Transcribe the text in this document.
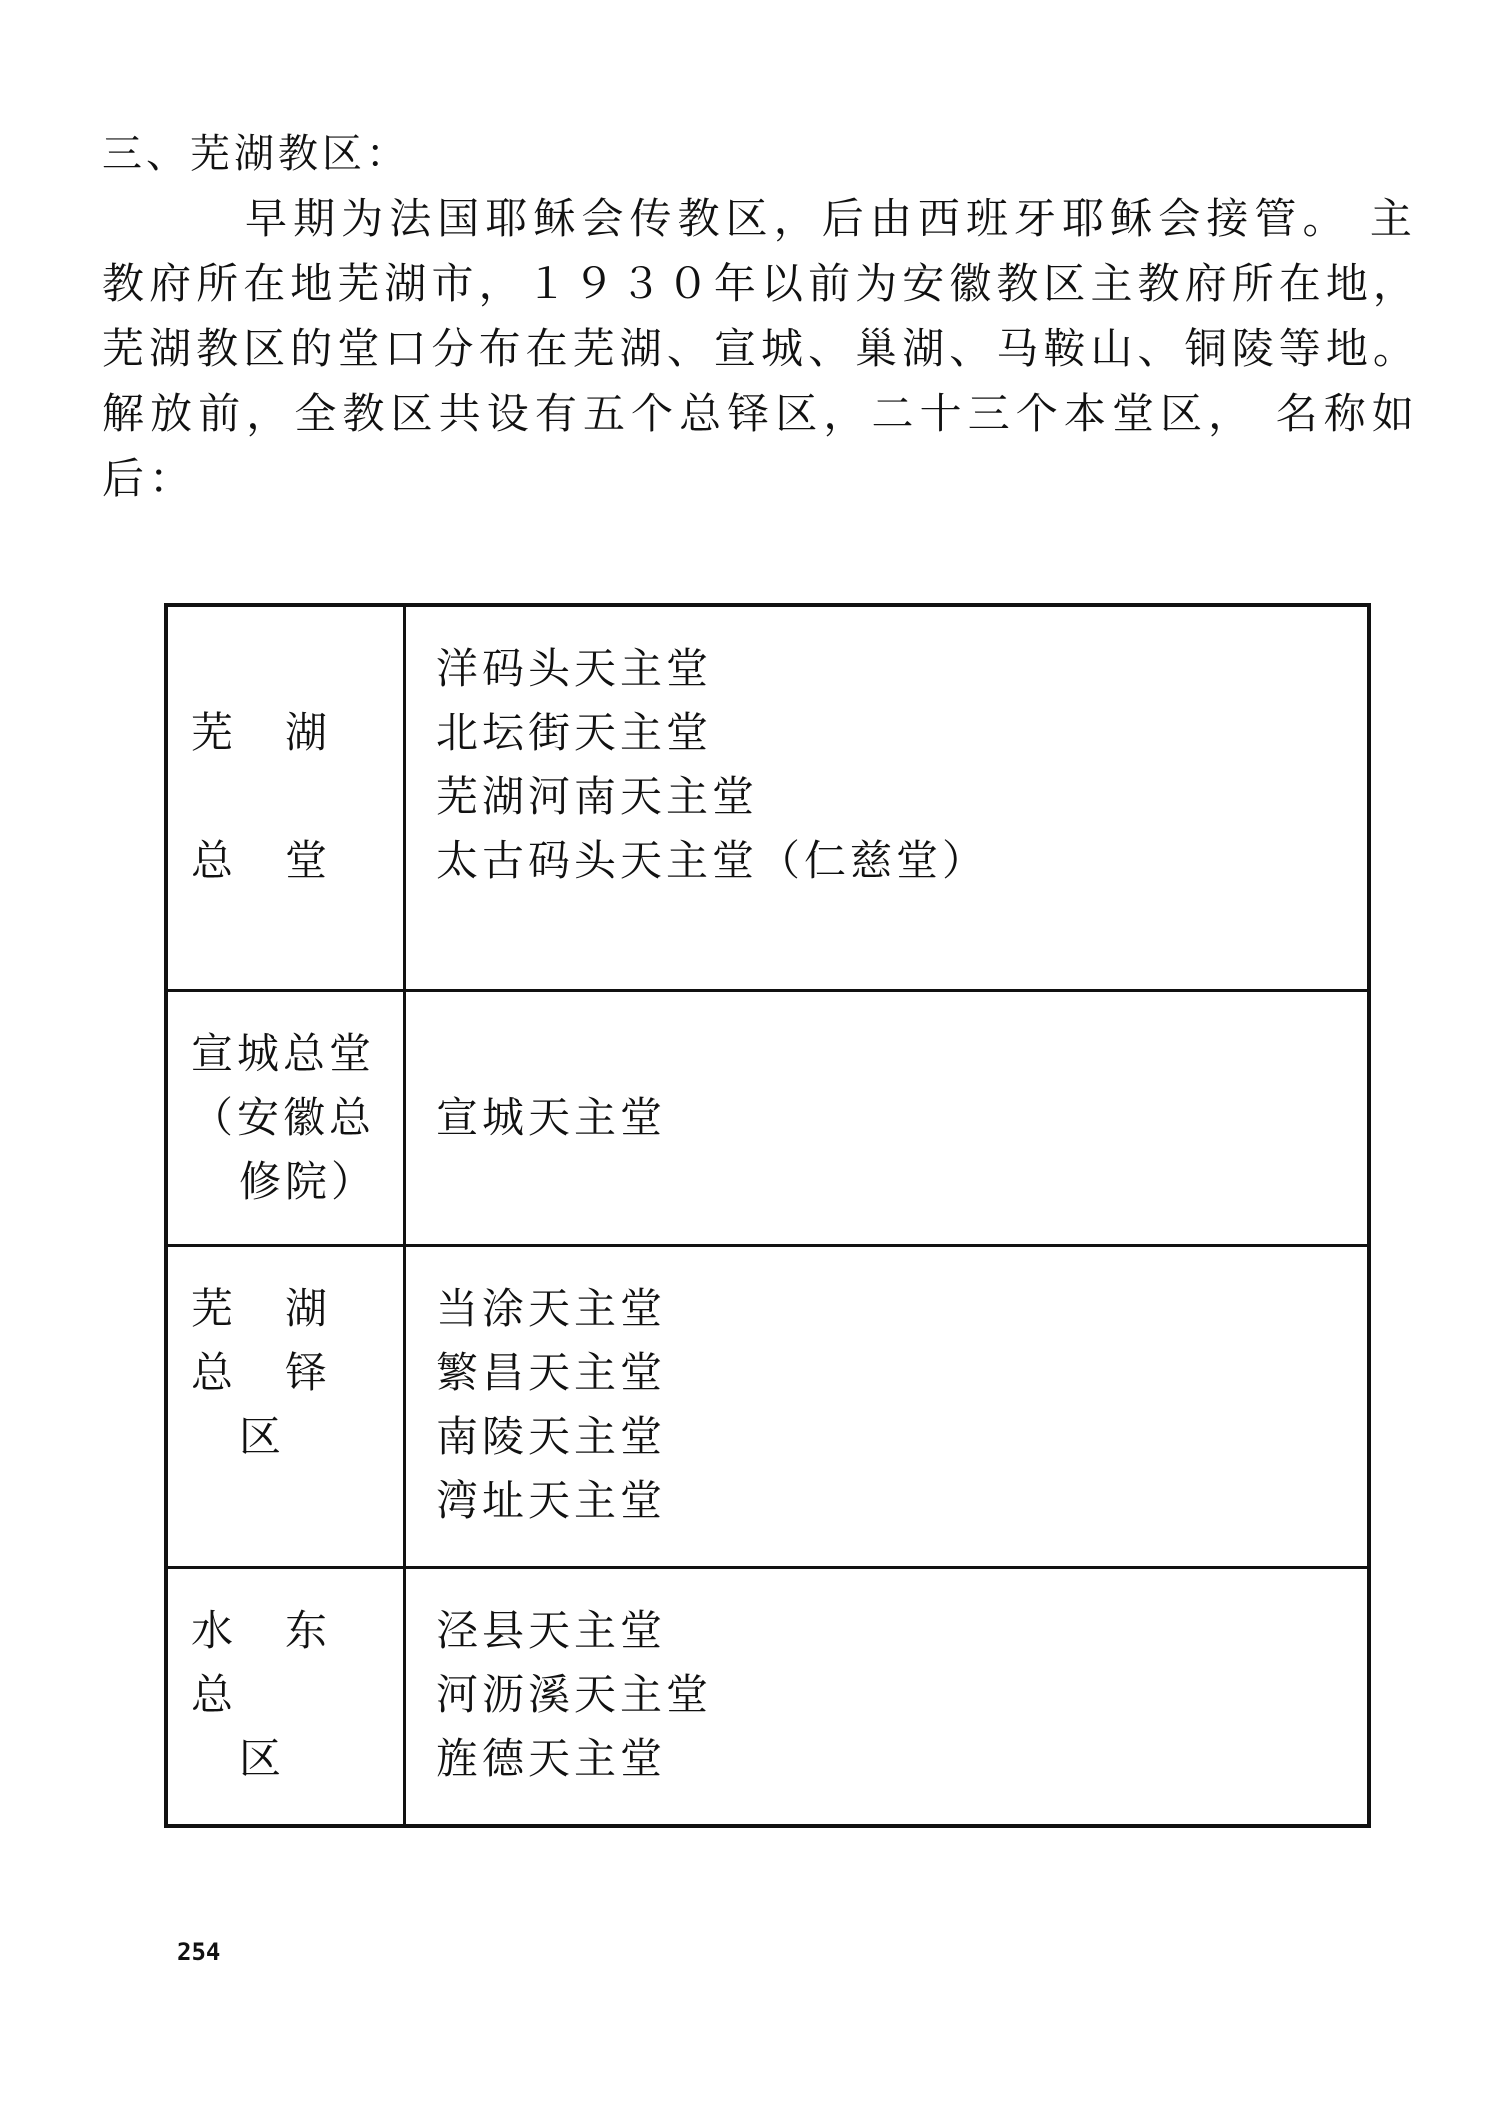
三、芜湖教区：
早期为法国耶稣会传教区，后由西班牙耶稣会接管。 主
教府所在地芜湖市，１９３０年以前为安徽教区主教府所在地，
芜湖教区的堂口分布在芜湖、宣城、巢湖、马鞍山、铜陵等地。
解放前，全教区共设有五个总铎区，二十三个本堂区， 名称如
后：
芜湖
总堂
洋码头天主堂
北坛街天主堂
芜湖河南天主堂
太古码头天主堂（仁慈堂）
宣城总堂
（安徽总
修院）
宣城天主堂
芜湖
总铎
区
当涂天主堂
繁昌天主堂
南陵天主堂
湾址天主堂
水东
总
区
泾县天主堂
河沥溪天主堂
旌德天主堂
254
